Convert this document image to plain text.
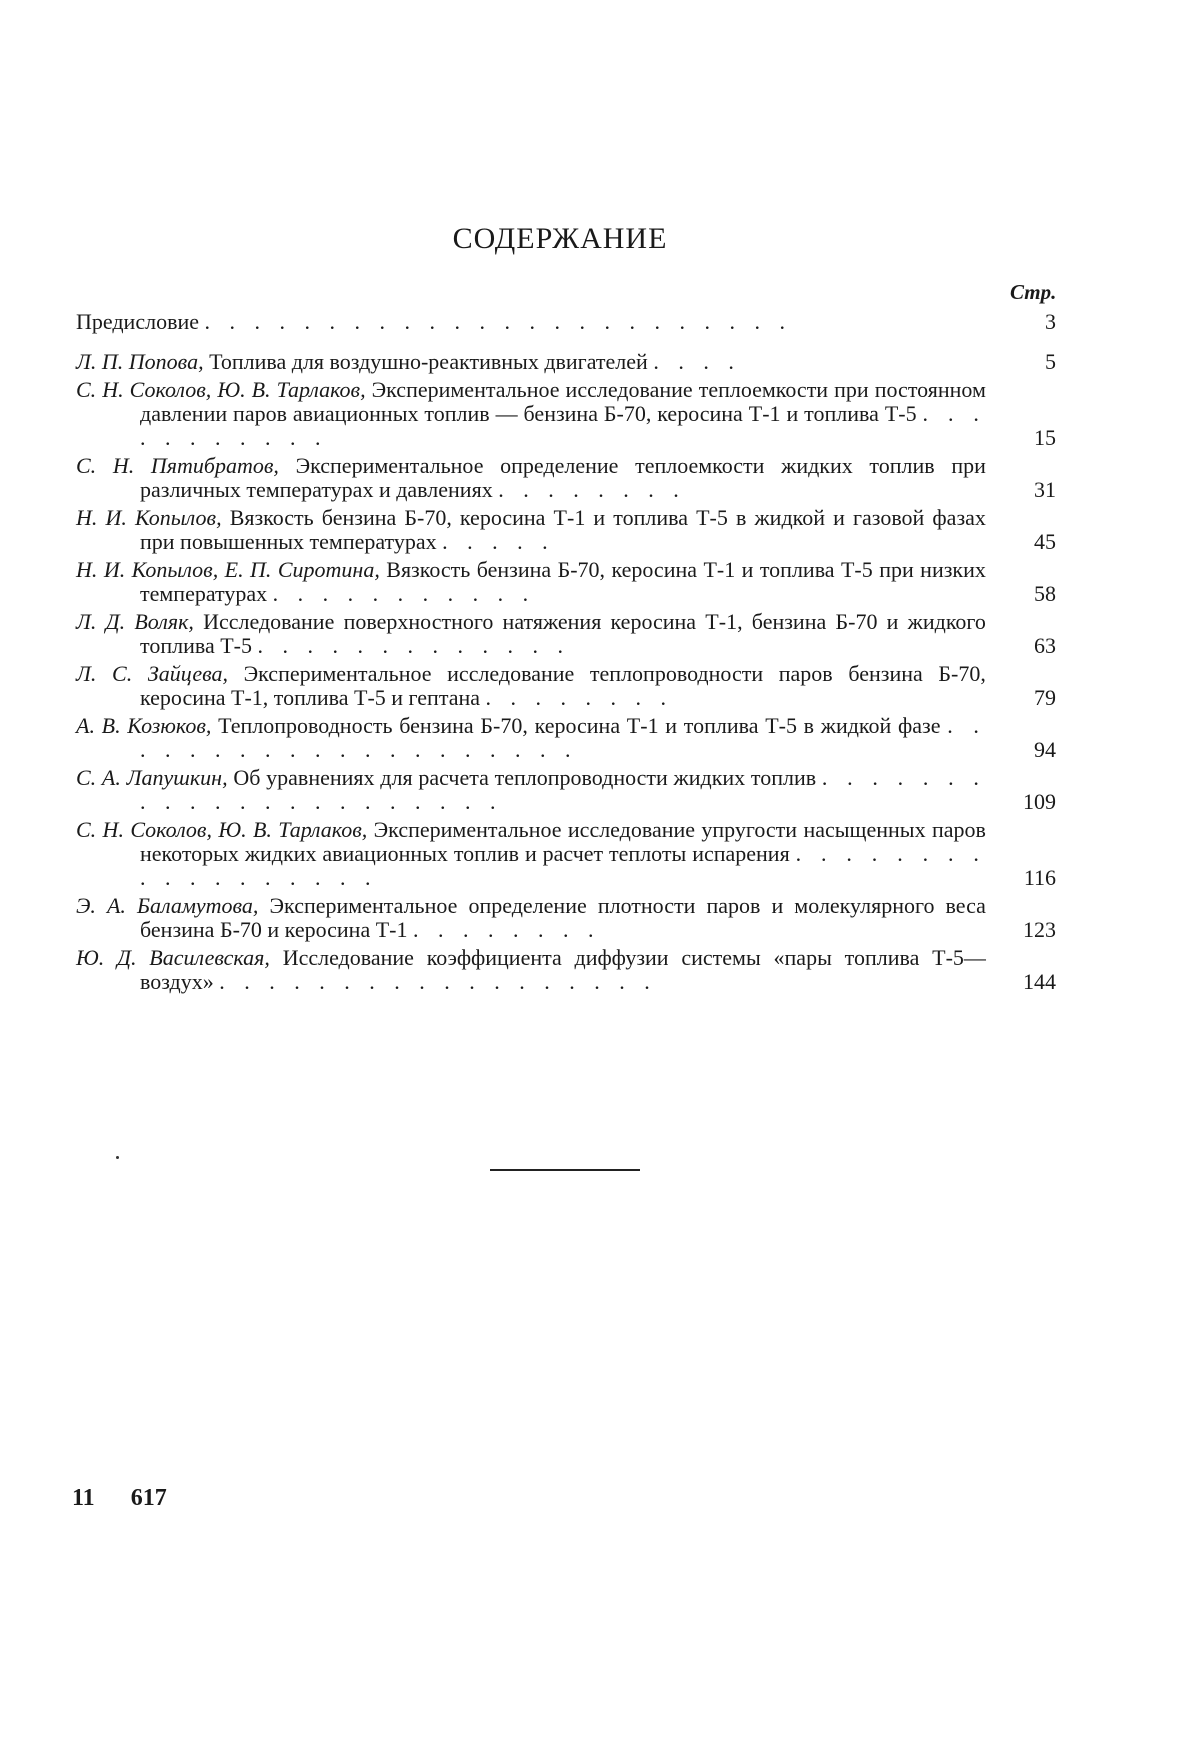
СОДЕРЖАНИЕ
Стр.
Предисловие . . . . . . . . . . . . . . . . . . . . . . . .	3
Л. П. Попова, Топлива для воздушно-реактивных двигателей . . . .	5
С. Н. Соколов, Ю. В. Тарлаков, Экспериментальное исследование теплоемкости при постоянном давлении паров авиационных топлив — бензина Б-70, керосина Т-1 и топлива Т-5 . . . . . . . . . . .	15
С. Н. Пятибратов, Экспериментальное определение теплоемкости жидких топлив при различных температурах и давлениях . . . . . . . .	31
Н. И. Копылов, Вязкость бензина Б-70, керосина Т-1 и топлива Т-5 в жидкой и газовой фазах при повышенных температурах . . . . .	45
Н. И. Копылов, Е. П. Сиротина, Вязкость бензина Б-70, керосина Т-1 и топлива Т-5 при низких температурах . . . . . . . . . . .	58
Л. Д. Воляк, Исследование поверхностного натяжения керосина Т-1, бензина Б-70 и жидкого топлива Т-5 . . . . . . . . . . . . .	63
Л. С. Зайцева, Экспериментальное исследование теплопроводности паров бензина Б-70, керосина Т-1, топлива Т-5 и гептана . . . . . . . .	79
А. В. Козюков, Теплопроводность бензина Б-70, керосина Т-1 и топлива Т-5 в жидкой фазе . . . . . . . . . . . . . . . . . . . .	94
С. А. Лапушкин, Об уравнениях для расчета теплопроводности жидких топлив . . . . . . . . . . . . . . . . . . . . . .	109
С. Н. Соколов, Ю. В. Тарлаков, Экспериментальное исследование упругости насыщенных паров некоторых жидких авиационных топлив и расчет теплоты испарения . . . . . . . . . . . . . . . . . .	116
Э. А. Баламутова, Экспериментальное определение плотности паров и молекулярного веса бензина Б-70 и керосина Т-1 . . . . . . . .	123
Ю. Д. Василевская, Исследование коэффициента диффузии системы «пары топлива Т-5—воздух» . . . . . . . . . . . . . . . . . .	144
11 617
